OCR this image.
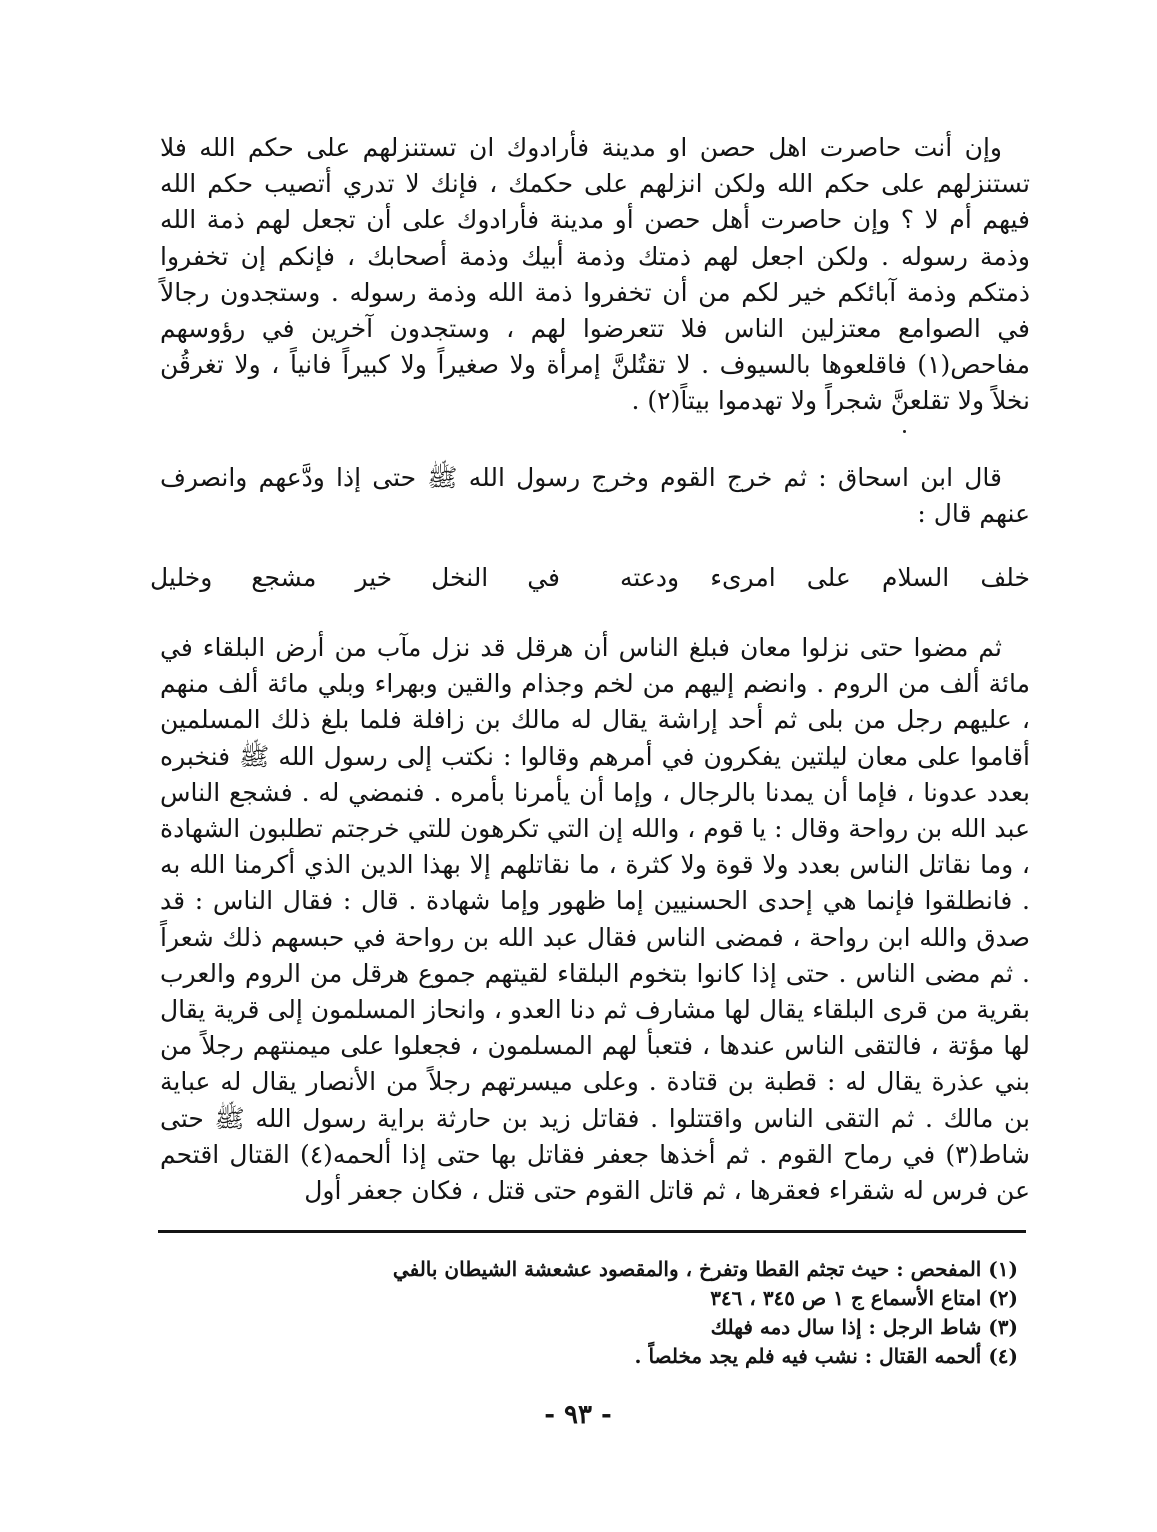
وإن أنت حاصرت اهل حصن او مدينة فأرادوك ان تستنزلهم على حكم الله فلا تستنزلهم على حكم الله ولكن انزلهم على حكمك ، فإنك لا تدري أتصيب حكم الله فيهم أم لا ؟ وإن حاصرت أهل حصن أو مدينة فأرادوك على أن تجعل لهم ذمة الله وذمة رسوله . ولكن اجعل لهم ذمتك وذمة أبيك وذمة أصحابك ، فإنكم إن تخفروا ذمتكم وذمة آبائكم خير لكم من أن تخفروا ذمة الله وذمة رسوله . وستجدون رجالاً في الصوامع معتزلين الناس فلا تتعرضوا لهم ، وستجدون آخرين في رؤوسهم مفاحص(١) فاقلعوها بالسيوف . لا تقتُلنَّ إمرأة ولا صغيراً ولا كبيراً فانياً ، ولا تغرقُن نخلاً ولا تقلعنَّ شجراً ولا تهدموا بيتاً(٢) .

قال ابن اسحاق : ثم خرج القوم وخرج رسول الله ﷺ حتى إذا ودَّعهم وانصرف عنهم قال :

خلف السلام على امرىء ودعته
في النخل خير مشجع وخليل

ثم مضوا حتى نزلوا معان فبلغ الناس أن هرقل قد نزل مآب من أرض البلقاء في مائة ألف من الروم . وانضم إليهم من لخم وجذام والقين وبهراء وبلي مائة ألف منهم ، عليهم رجل من بلى ثم أحد إراشة يقال له مالك بن زافلة فلما بلغ ذلك المسلمين أقاموا على معان ليلتين يفكرون في أمرهم وقالوا : نكتب إلى رسول الله ﷺ فنخبره بعدد عدونا ، فإما أن يمدنا بالرجال ، وإما أن يأمرنا بأمره . فنمضي له . فشجع الناس عبد الله بن رواحة وقال : يا قوم ، والله إن التي تكرهون للتي خرجتم تطلبون الشهادة ، وما نقاتل الناس بعدد ولا قوة ولا كثرة ، ما نقاتلهم إلا بهذا الدين الذي أكرمنا الله به . فانطلقوا فإنما هي إحدى الحسنيين إما ظهور وإما شهادة . قال : فقال الناس : قد صدق والله ابن رواحة ، فمضى الناس فقال عبد الله بن رواحة في حبسهم ذلك شعراً . ثم مضى الناس . حتى إذا كانوا بتخوم البلقاء لقيتهم جموع هرقل من الروم والعرب بقرية من قرى البلقاء يقال لها مشارف ثم دنا العدو ، وانحاز المسلمون إلى قرية يقال لها مؤتة ، فالتقى الناس عندها ، فتعبأ لهم المسلمون ، فجعلوا على ميمنتهم رجلاً من بني عذرة يقال له : قطبة بن قتادة . وعلى ميسرتهم رجلاً من الأنصار يقال له عباية بن مالك . ثم التقى الناس واقتتلوا . فقاتل زيد بن حارثة براية رسول الله ﷺ حتى شاط(٣) في رماح القوم . ثم أخذها جعفر فقاتل بها حتى إذا ألحمه(٤) القتال اقتحم عن فرس له شقراء فعقرها ، ثم قاتل القوم حتى قتل ، فكان جعفر أول

(١) المفحص : حيث تجثم القطا وتفرخ ، والمقصود عشعشة الشيطان بالفي
(٢) امتاع الأسماع ج ١ ص ٣٤٥ ، ٣٤٦
(٣) شاط الرجل : إذا سال دمه فهلك
(٤) ألحمه القتال : نشب فيه فلم يجد مخلصاً .
- ٩٣ -
